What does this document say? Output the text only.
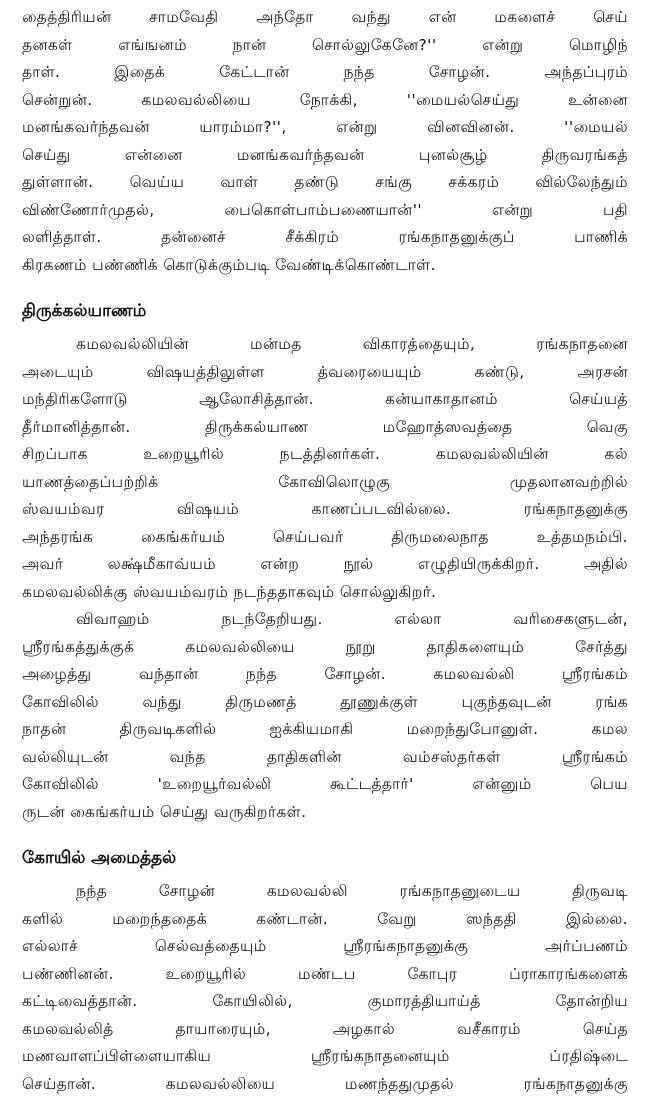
தைத்திரியன் சாமவேதி அந்தோ வந்து என் மகளைச் செய்
தனகள் எங்ஙனம் நான் சொல்லுகேனே?'' என்று மொழிந்
தாள். இதைக் கேட்டான் நந்த சோழன். அந்தப்புரம்
சென்றுன். கமலவல்லியை நோக்கி, ''மையல்செய்து உன்னை
மனங்கவர்ந்தவன் யாரம்மா?'', என்று வினவினன். ''மையல்
செய்து என்னை மனங்கவர்ந்தவன் புனல்சூழ் திருவரங்கத்
துள்ளான். வெய்ய வாள் தண்டு சங்கு சக்கரம் வில்லேந்தும்
விண்ணோர்முதல், பைகொள்பாம்பணையான்'' என்று பதி
லளித்தாள். தன்னைச் சீக்கிரம் ரங்கநாதனுக்குப் பாணிக்
கிரகணம் பண்ணிக் கொடுக்கும்படி வேண்டிக்கொண்டாள்.
திருக்கல்யாணம்
கமலவல்லியின் மன்மத விகாரத்தையும், ரங்கநாதனை
அடையும் விஷயத்திலுள்ள த்வரையையும் கண்டு, அரசன்
மந்திரிகளோடு ஆலோசித்தான். கன்யாகாதானம் செய்யத்
தீர்மானித்தான். திருக்கல்யாண மஹோத்ஸவத்தை வெகு
சிறப்பாக உறையூரில் நடத்தினர்கள். கமலவல்லியின் கல்
யாணத்தைப்பற்றிக் கோவிலொழுகு முதலானவற்றில்
ஸ்வயம்வர விஷயம் காணப்படவில்லை. ரங்கநாதனுக்கு
அந்தரங்க கைங்கர்யம் செய்பவர் திருமலைநாத உத்தமநம்பி.
அவர் லக்ஷ்மீகாவ்யம் என்ற நூல் எழுதியிருக்கிறர். அதில்
கமலவல்லிக்கு ஸ்வயம்வரம் நடந்ததாகவும் சொல்லுகிறர்.
விவாஹம் நடந்தேறியது. எல்லா வரிசைகளுடன்,
ஸ்ரீரங்கத்துக்குக் கமலவல்லியை நூறு தாதிகளையும் சேர்த்து
அழைத்து வந்தான் நந்த சோழன். கமலவல்லி ஸ்ரீரங்கம்
கோவிலில் வந்து திருமணத் தூணுக்குள் புகுந்தவுடன் ரங்க
நாதன் திருவடிகளில் ஐக்கியமாகி மறைந்துபோனுள். கமல
வல்லியுடன் வந்த தாதிகளின் வம்சஸ்தர்கள் ஸ்ரீரங்கம்
கோவிலில் 'உறையூர்வல்லி கூட்டத்தார்' என்னும் பெய
ருடன் கைங்கர்யம் செய்து வருகிறர்கள்.
கோயில் அமைத்தல்
நந்த சோழன் கமலவல்லி ரங்கநாதனுடைய திருவடி
களில் மறைந்ததைக் கண்டான். வேறு ஸந்ததி இல்லை.
எல்லாச் செல்வத்தையும் ஸ்ரீரங்கநாதனுக்கு அர்ப்பணம்
பண்ணினன். உறையூரில் மண்டப கோபுர ப்ராகாரங்களைக்
கட்டிவைத்தான். கோயிலில், குமாரத்தியாய்த் தோன்றிய
கமலவல்லித் தாயாரையும், அழகால் வசீகாரம் செய்த
மணவாளப்பிள்ளையாகிய ஸ்ரீரங்கநாதனையும் ப்ரதிஷ்டை
செய்தான். கமலவல்லியை மணந்ததுமுதல் ரங்கநாதனுக்கு
